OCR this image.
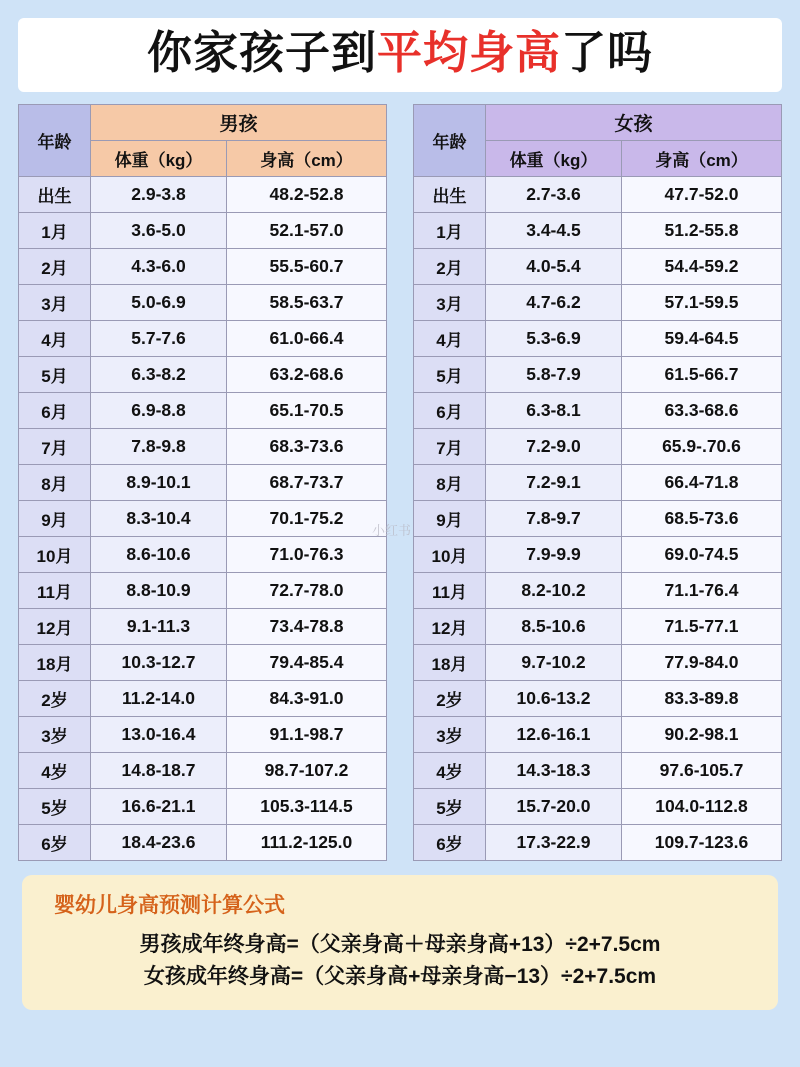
你家孩子到平均身高了吗
年龄	男孩	
	体重（kg）	身高（cm）
出生	2.9-3.8	48.2-52.8
1月	3.6-5.0	52.1-57.0
2月	4.3-6.0	55.5-60.7
3月	5.0-6.9	58.5-63.7
4月	5.7-7.6	61.0-66.4
5月	6.3-8.2	63.2-68.6
6月	6.9-8.8	65.1-70.5
7月	7.8-9.8	68.3-73.6
8月	8.9-10.1	68.7-73.7
9月	8.3-10.4	70.1-75.2
10月	8.6-10.6	71.0-76.3
11月	8.8-10.9	72.7-78.0
12月	9.1-11.3	73.4-78.8
18月	10.3-12.7	79.4-85.4
2岁	11.2-14.0	84.3-91.0
3岁	13.0-16.4	91.1-98.7
4岁	14.8-18.7	98.7-107.2
5岁	16.6-21.1	105.3-114.5
6岁	18.4-23.6	111.2-125.0
年龄	女孩	
	体重（kg）	身高（cm）
出生	2.7-3.6	47.7-52.0
1月	3.4-4.5	51.2-55.8
2月	4.0-5.4	54.4-59.2
3月	4.7-6.2	57.1-59.5
4月	5.3-6.9	59.4-64.5
5月	5.8-7.9	61.5-66.7
6月	6.3-8.1	63.3-68.6
7月	7.2-9.0	65.9-.70.6
8月	7.2-9.1	66.4-71.8
9月	7.8-9.7	68.5-73.6
10月	7.9-9.9	69.0-74.5
11月	8.2-10.2	71.1-76.4
12月	8.5-10.6	71.5-77.1
18月	9.7-10.2	77.9-84.0
2岁	10.6-13.2	83.3-89.8
3岁	12.6-16.1	90.2-98.1
4岁	14.3-18.3	97.6-105.7
5岁	15.7-20.0	104.0-112.8
6岁	17.3-22.9	109.7-123.6
婴幼儿身高预测计算公式
男孩成年终身高=（父亲身高＋母亲身高+13）÷2+7.5cm
女孩成年终身高=（父亲身高+母亲身高−13）÷2+7.5cm
小红书
